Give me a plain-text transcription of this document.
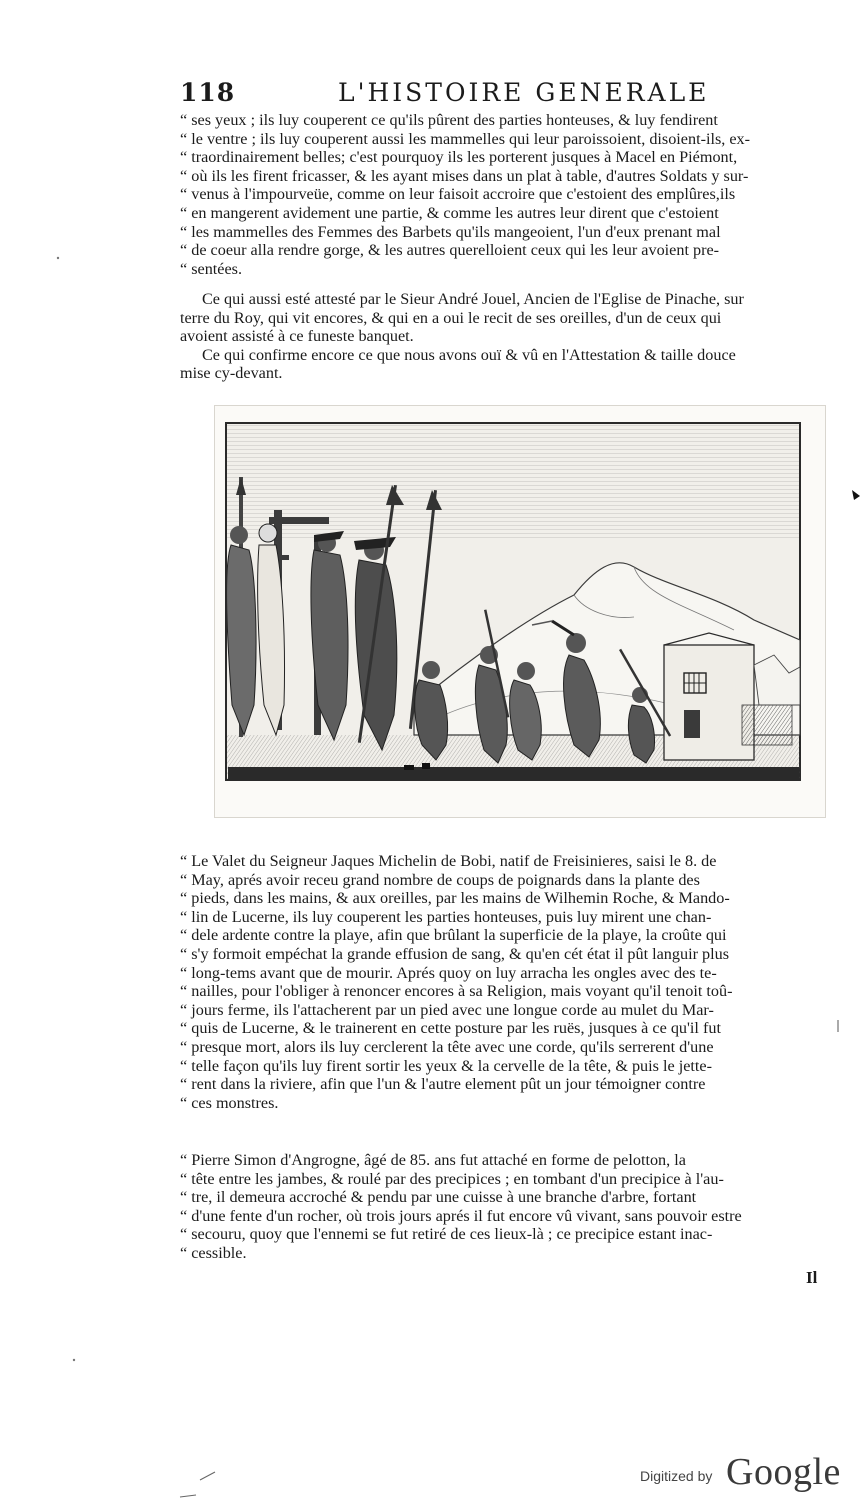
118	L'HISTOIRE GENERALE
“ ses yeux ; ils luy couperent ce qu'ils pûrent des parties honteuses, & luy fendirent
“ le ventre ; ils luy couperent aussi les mammelles qui leur paroissoient, disoient-ils, ex-
“ traordinairement belles; c'est pourquoy ils les porterent jusques à Macel en Piémont,
“ où ils les firent fricasser, & les ayant mises dans un plat à table, d'autres Soldats y sur-
“ venus à l'impourveüe, comme on leur faisoit accroire que c'estoient des emplûres,ils
“ en mangerent avidement une partie, & comme les autres leur dirent que c'estoient
“ les mammelles des Femmes des Barbets qu'ils mangeoient, l'un d'eux prenant mal
“ de coeur alla rendre gorge, & les autres querelloient ceux qui les leur avoient pre-
“ sentées.
Ce qui aussi esté attesté par le Sieur André Jouel, Ancien de l'Eglise de Pinache, sur
terre du Roy, qui vit encores, & qui en a oui le recit de ses oreilles, d'un de ceux qui
avoient assisté à ce funeste banquet.
Ce qui confirme encore ce que nous avons ouï & vû en l'Attestation & taille douce
mise cy-devant.
“ Le Valet du Seigneur Jaques Michelin de Bobi, natif de Freisinieres, saisi le 8. de
“ May, aprés avoir receu grand nombre de coups de poignards dans la plante des
“ pieds, dans les mains, & aux oreilles, par les mains de Wilhemin Roche, & Mando-
“ lin de Lucerne, ils luy couperent les parties honteuses, puis luy mirent une chan-
“ dele ardente contre la playe, afin que brûlant la superficie de la playe, la croûte qui
“ s'y formoit empéchat la grande effusion de sang, & qu'en cét état il pût languir plus
“ long-tems avant que de mourir. Aprés quoy on luy arracha les ongles avec des te-
“ nailles, pour l'obliger à renoncer encores à sa Religion, mais voyant qu'il tenoit toû-
“ jours ferme, ils l'attacherent par un pied avec une longue corde au mulet du Mar-
“ quis de Lucerne, & le trainerent en cette posture par les ruës, jusques à ce qu'il fut
“ presque mort, alors ils luy cerclerent la tête avec une corde, qu'ils serrerent d'une
“ telle façon qu'ils luy firent sortir les yeux & la cervelle de la tête, & puis le jette-
“ rent dans la riviere, afin que l'un & l'autre element pût un jour témoigner contre
“ ces monstres.
“ Pierre Simon d'Angrogne, âgé de 85. ans fut attaché en forme de pelotton, la
“ tête entre les jambes, & roulé par des precipices ; en tombant d'un precipice à l'au-
“ tre, il demeura accroché & pendu par une cuisse à une branche d'arbre, fortant
“ d'une fente d'un rocher, où trois jours aprés il fut encore vû vivant, sans pouvoir estre
“ secouru, quoy que l'ennemi se fut retiré de ces lieux-là ; ce precipice estant inac-
“ cessible.
Il
Digitized by Google
